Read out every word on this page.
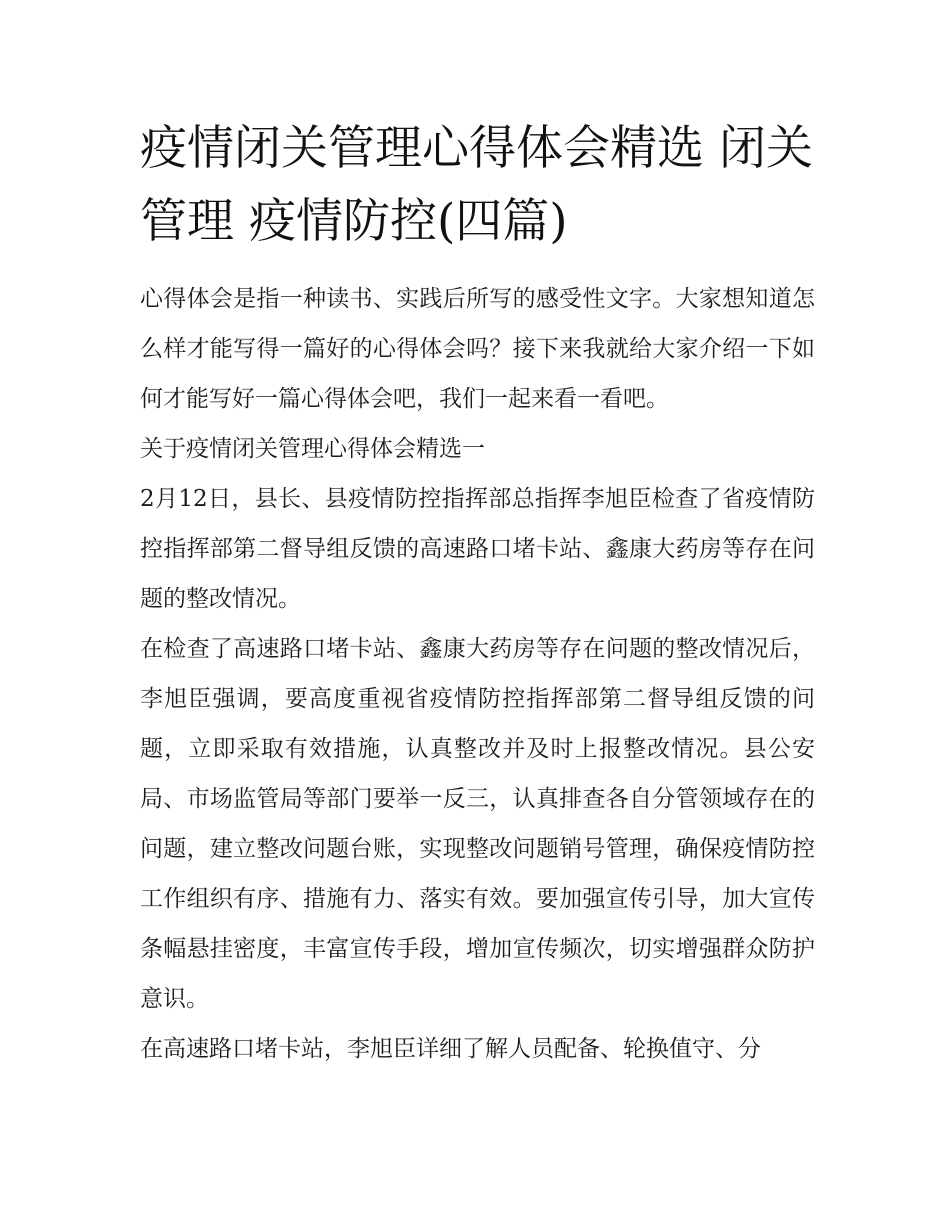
疫情闭关管理心得体会精选 闭关管理 疫情防控(四篇)

心得体会是指一种读书、实践后所写的感受性文字。大家想知道怎么样才能写得一篇好的心得体会吗？接下来我就给大家介绍一下如何才能写好一篇心得体会吧，我们一起来看一看吧。

关于疫情闭关管理心得体会精选一

2月12日，县长、县疫情防控指挥部总指挥李旭臣检查了省疫情防控指挥部第二督导组反馈的高速路口堵卡站、鑫康大药房等存在问题的整改情况。

在检查了高速路口堵卡站、鑫康大药房等存在问题的整改情况后，李旭臣强调，要高度重视省疫情防控指挥部第二督导组反馈的问题，立即采取有效措施，认真整改并及时上报整改情况。县公安局、市场监管局等部门要举一反三，认真排查各自分管领域存在的问题，建立整改问题台账，实现整改问题销号管理，确保疫情防控工作组织有序、措施有力、落实有效。要加强宣传引导，加大宣传条幅悬挂密度，丰富宣传手段，增加宣传频次，切实增强群众防护意识。

在高速路口堵卡站，李旭臣详细了解人员配备、轮换值守、分
